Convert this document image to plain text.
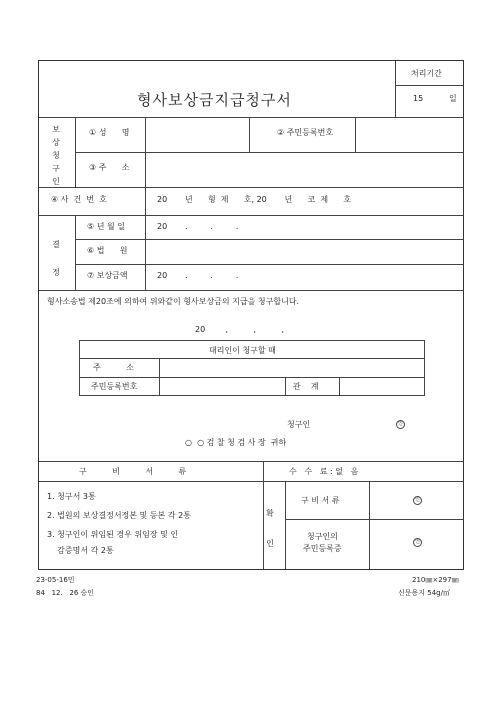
형사보상금지급청구서
처리기간
15	일
보상청구인
① 성      명	② 주민등록번호
③ 주      소
④ 사  건  번  호	20       년      형  제      호, 20       년      코  제      호
결정
⑤ 년 월 일	20       .         .         .
⑥ 법      원
⑦ 보상금액	20       .         .         .
형사소송법 제20조에 의하여 위와같이 형사보상금의 지급을 청구합니다.
20        ,          ,          ,
대리인이 청구할 때
주          소
주민등록번호	관    계
청구인	인
○  ○ 검 찰 청 검 사 장  귀하
구          비          서          류	수   수   료 : 없   음
1. 청구서 3통
2. 법원의 보상결정서정본 및 등본 각 2통
3. 청구인이 위임된 경우 위임장 및 인
감증명서 각 2통
확인
구 비 서 류	인
청구인의
주민등록증
인
23-05-16민
84   12.   26 승인
210㎜×297㎜
신문용지 54g/㎡
